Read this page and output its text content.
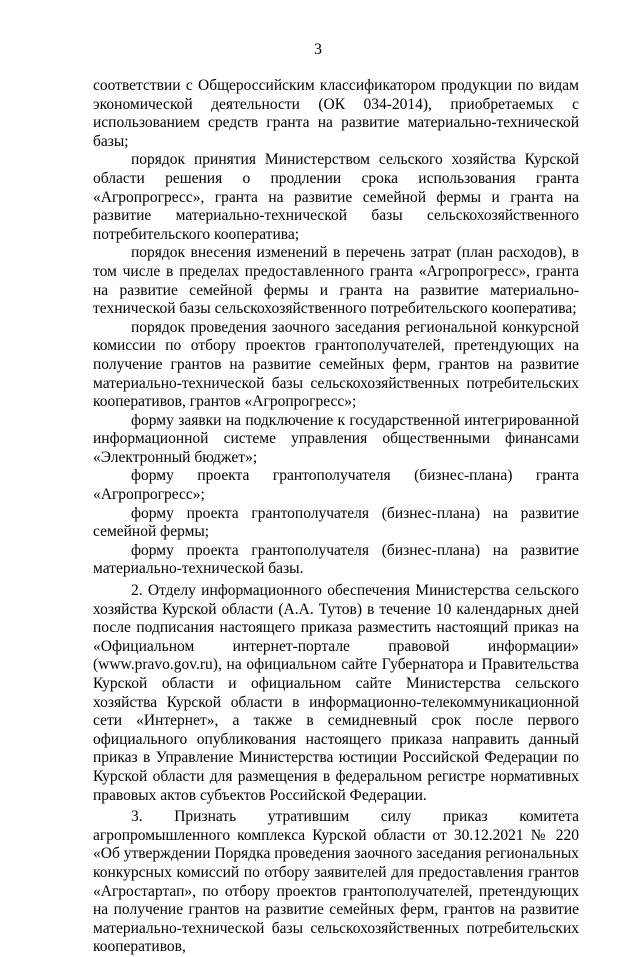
3

соответствии с Общероссийским классификатором продукции по видам экономической деятельности (ОК 034-2014), приобретаемых с использованием средств гранта на развитие материально-технической базы;

порядок принятия Министерством сельского хозяйства Курской области решения о продлении срока использования гранта «Агропрогресс», гранта на развитие семейной фермы и гранта на развитие материально-технической базы сельскохозяйственного потребительского кооператива;

порядок внесения изменений в перечень затрат (план расходов), в том числе в пределах предоставленного гранта «Агропрогресс», гранта на развитие семейной фермы и гранта на развитие материально-технической базы сельскохозяйственного потребительского кооператива;

порядок проведения заочного заседания региональной конкурсной комиссии по отбору проектов грантополучателей, претендующих на получение грантов на развитие семейных ферм, грантов на развитие материально-технической базы сельскохозяйственных потребительских кооперативов, грантов «Агропрогресс»;

форму заявки на подключение к государственной интегрированной информационной системе управления общественными финансами «Электронный бюджет»;

форму проекта грантополучателя (бизнес-плана) гранта «Агропрогресс»;

форму проекта грантополучателя (бизнес-плана) на развитие семейной фермы;

форму проекта грантополучателя (бизнес-плана) на развитие материально-технической базы.

2. Отделу информационного обеспечения Министерства сельского хозяйства Курской области (А.А. Тутов) в течение 10 календарных дней после подписания настоящего приказа разместить настоящий приказ на «Официальном интернет-портале правовой информации» (www.pravo.gov.ru), на официальном сайте Губернатора и Правительства Курской области и официальном сайте Министерства сельского хозяйства Курской области в информационно-телекоммуникационной сети «Интернет», а также в семидневный срок после первого официального опубликования настоящего приказа направить данный приказ в Управление Министерства юстиции Российской Федерации по Курской области для размещения в федеральном регистре нормативных правовых актов субъектов Российской Федерации.

3. Признать утратившим силу приказ комитета агропромышленного комплекса Курской области от 30.12.2021 № 220 «Об утверждении Порядка проведения заочного заседания региональных конкурсных комиссий по отбору заявителей для предоставления грантов «Агростартап», по отбору проектов грантополучателей, претендующих на получение грантов на развитие семейных ферм, грантов на развитие материально-технической базы сельскохозяйственных потребительских кооперативов,
